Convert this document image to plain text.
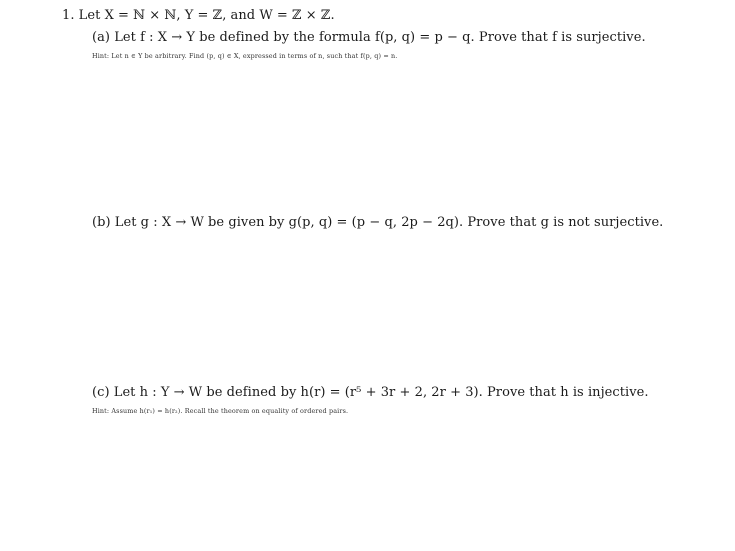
1. Let X = ℕ × ℕ, Y = ℤ, and W = ℤ × ℤ.
(a) Let f : X → Y be defined by the formula f(p, q) = p − q. Prove that f is surjective.
Hint: Let n ∈ Y be arbitrary. Find (p, q) ∈ X, expressed in terms of n, such that f(p, q) = n.
(b) Let g : X → W be given by g(p, q) = (p − q, 2p − 2q). Prove that g is not surjective.
(c) Let h : Y → W be defined by h(r) = (r⁵ + 3r + 2, 2r + 3). Prove that h is injective.
Hint: Assume h(r₁) = h(r₂). Recall the theorem on equality of ordered pairs.
